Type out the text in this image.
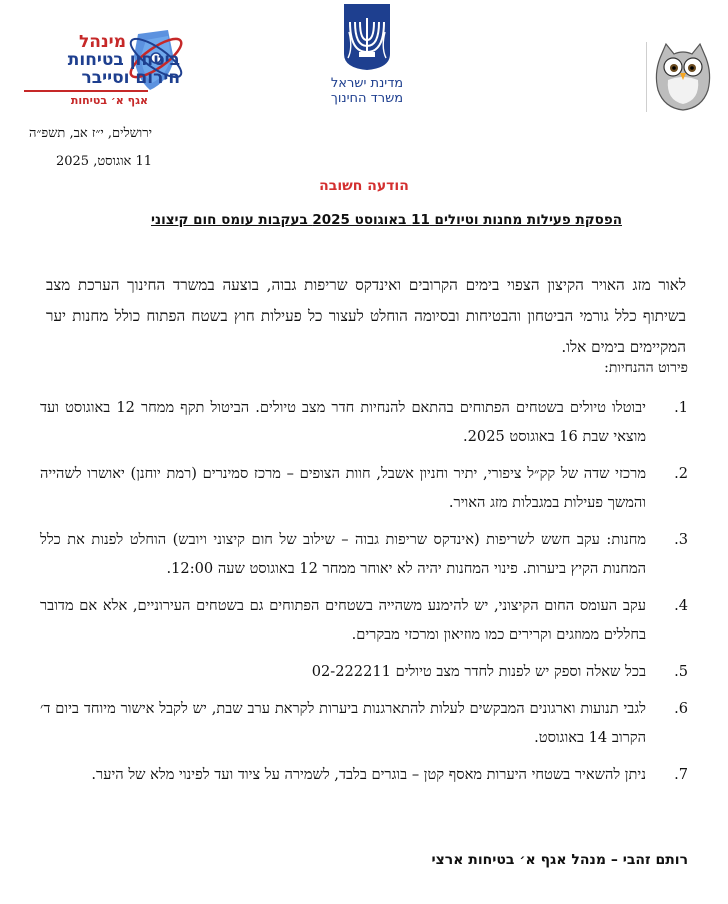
מינהל
ביטחון בטיחות
חירום וסייבר
אגף א׳ בטיחות
מדינת ישראל
משרד החינוך
ירושלים, י״ז אב, תשפ״ה
11 אוגוסט, 2025
הודעה חשובה
הפסקת פעילות מחנות וטיולים 11 באוגוסט 2025 בעקבות עומס חום קיצוני
לאור מזג האויר הקיצון הצפוי בימים הקרובים ואינדקס שריפות גבוה, בוצעה במשרד החינוך הערכת מצב בשיתוף כלל גורמי הביטחון והבטיחות ובסיומה הוחלט לעצור כל פעילות חוץ בשטח הפתוח כולל מחנות יער המקיימים בימים אלו.
פירוט ההנחיות:
1.
יבוטלו טיולים בשטחים הפתוחים בהתאם להנחיות חדר מצב טיולים. הביטול תקף ממחר 12 באוגוסט ועד מוצאי שבת 16 באוגוסט 2025.
2.
מרכזי שדה של קק״ל ציפורי, יתיר וחניון אשבל, חוות הצופים – מרכז סמינרים (רמת יוחנן) יאושרו לשהייה והמשך פעילות במגבלות מזג האויר.
3.
מחנות: עקב חשש לשריפות (אינדקס שריפות גבוה – שילוב של חום קיצוני ויובש) הוחלט לפנות את כלל המחנות הקיץ ביערות. פינוי המחנות יהיה לא יאוחר ממחר 12 באוגוסט שעה 12:00.
4.
עקב העומס החום הקיצוני, יש להימנע משהייה בשטחים הפתוחים גם בשטחים העירוניים, אלא אם מדובר בחללים ממוזגים וקרירים כמו מוזיאון ומרכזי מבקרים.
5.
בכל שאלה וספק יש לפנות לחדר מצב טיולים 02-222211
6.
לגבי תנועות וארגונים המבקשים לעלות להתארגנות ביערות לקראת ערב שבת, יש לקבל אישור מיוחד ביום ד׳ הקרוב 14 באוגוסט.
7.
ניתן להשאיר בשטחי היערות מאסף קטן – בוגרים בלבד, לשמירה על ציוד ועד לפינוי מלא של היער.
רותם זהבי – מנהל אגף א׳ בטיחות ארצי
